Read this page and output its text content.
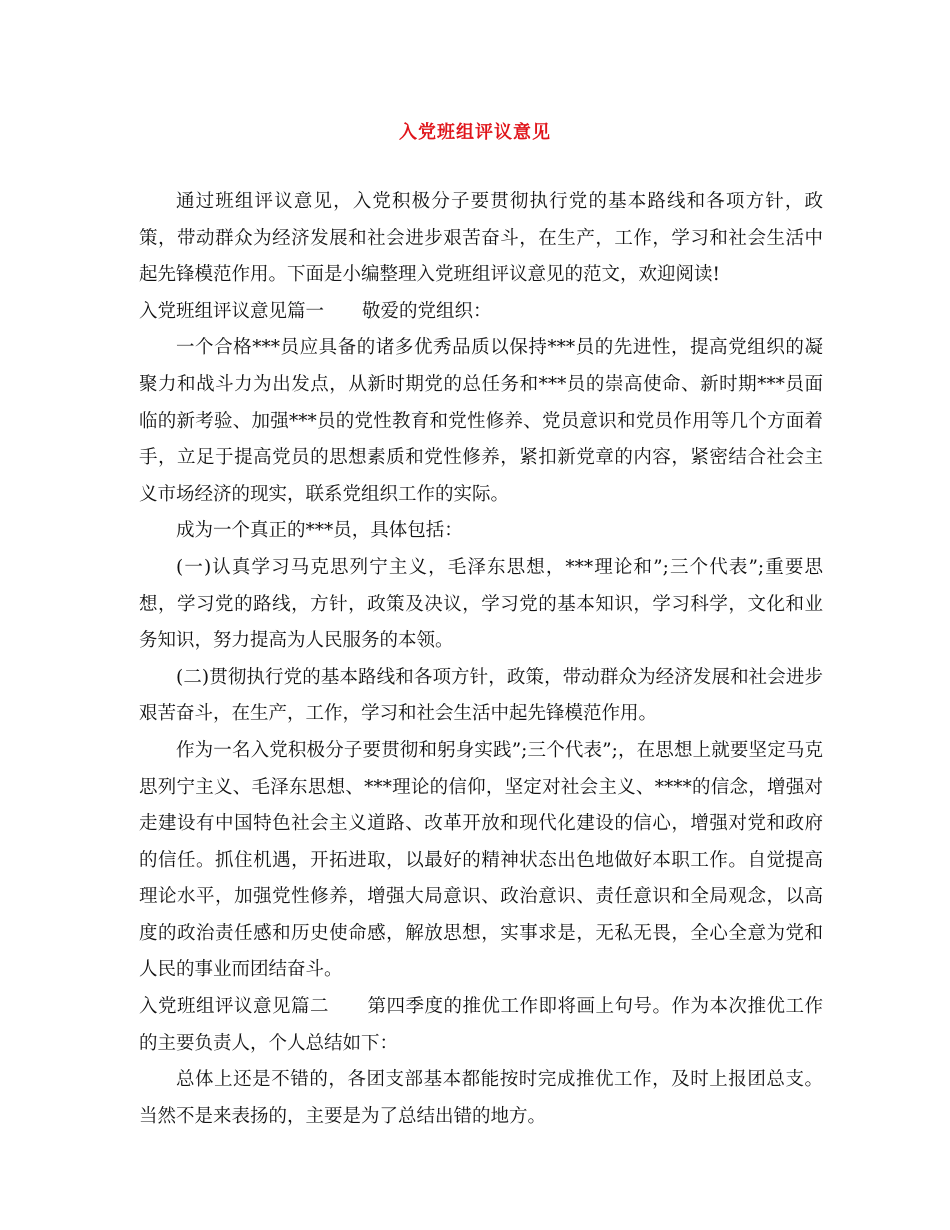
入党班组评议意见

通过班组评议意见，入党积极分子要贯彻执行党的基本路线和各项方针，政策，带动群众为经济发展和社会进步艰苦奋斗，在生产，工作，学习和社会生活中起先锋模范作用。下面是小编整理入党班组评议意见的范文，欢迎阅读!

入党班组评议意见篇一 敬爱的党组织：

一个合格***员应具备的诸多优秀品质以保持***员的先进性，提高党组织的凝聚力和战斗力为出发点，从新时期党的总任务和***员的崇高使命、新时期***员面临的新考验、加强***员的党性教育和党性修养、党员意识和党员作用等几个方面着手，立足于提高党员的思想素质和党性修养，紧扣新党章的内容，紧密结合社会主义市场经济的现实，联系党组织工作的实际。

成为一个真正的***员，具体包括：

(一)认真学习马克思列宁主义，毛泽东思想，***理论和”;三个代表”;重要思想，学习党的路线，方针，政策及决议，学习党的基本知识，学习科学，文化和业务知识，努力提高为人民服务的本领。

(二)贯彻执行党的基本路线和各项方针，政策，带动群众为经济发展和社会进步艰苦奋斗，在生产，工作，学习和社会生活中起先锋模范作用。

作为一名入党积极分子要贯彻和躬身实践”;三个代表”;，在思想上就要坚定马克思列宁主义、毛泽东思想、***理论的信仰，坚定对社会主义、****的信念，增强对走建设有中国特色社会主义道路、改革开放和现代化建设的信心，增强对党和政府的信任。抓住机遇，开拓进取，以最好的精神状态出色地做好本职工作。自觉提高理论水平，加强党性修养，增强大局意识、政治意识、责任意识和全局观念，以高度的政治责任感和历史使命感，解放思想，实事求是，无私无畏，全心全意为党和人民的事业而团结奋斗。

入党班组评议意见篇二 第四季度的推优工作即将画上句号。作为本次推优工作的主要负责人，个人总结如下：

总体上还是不错的，各团支部基本都能按时完成推优工作，及时上报团总支。当然不是来表扬的，主要是为了总结出错的地方。
